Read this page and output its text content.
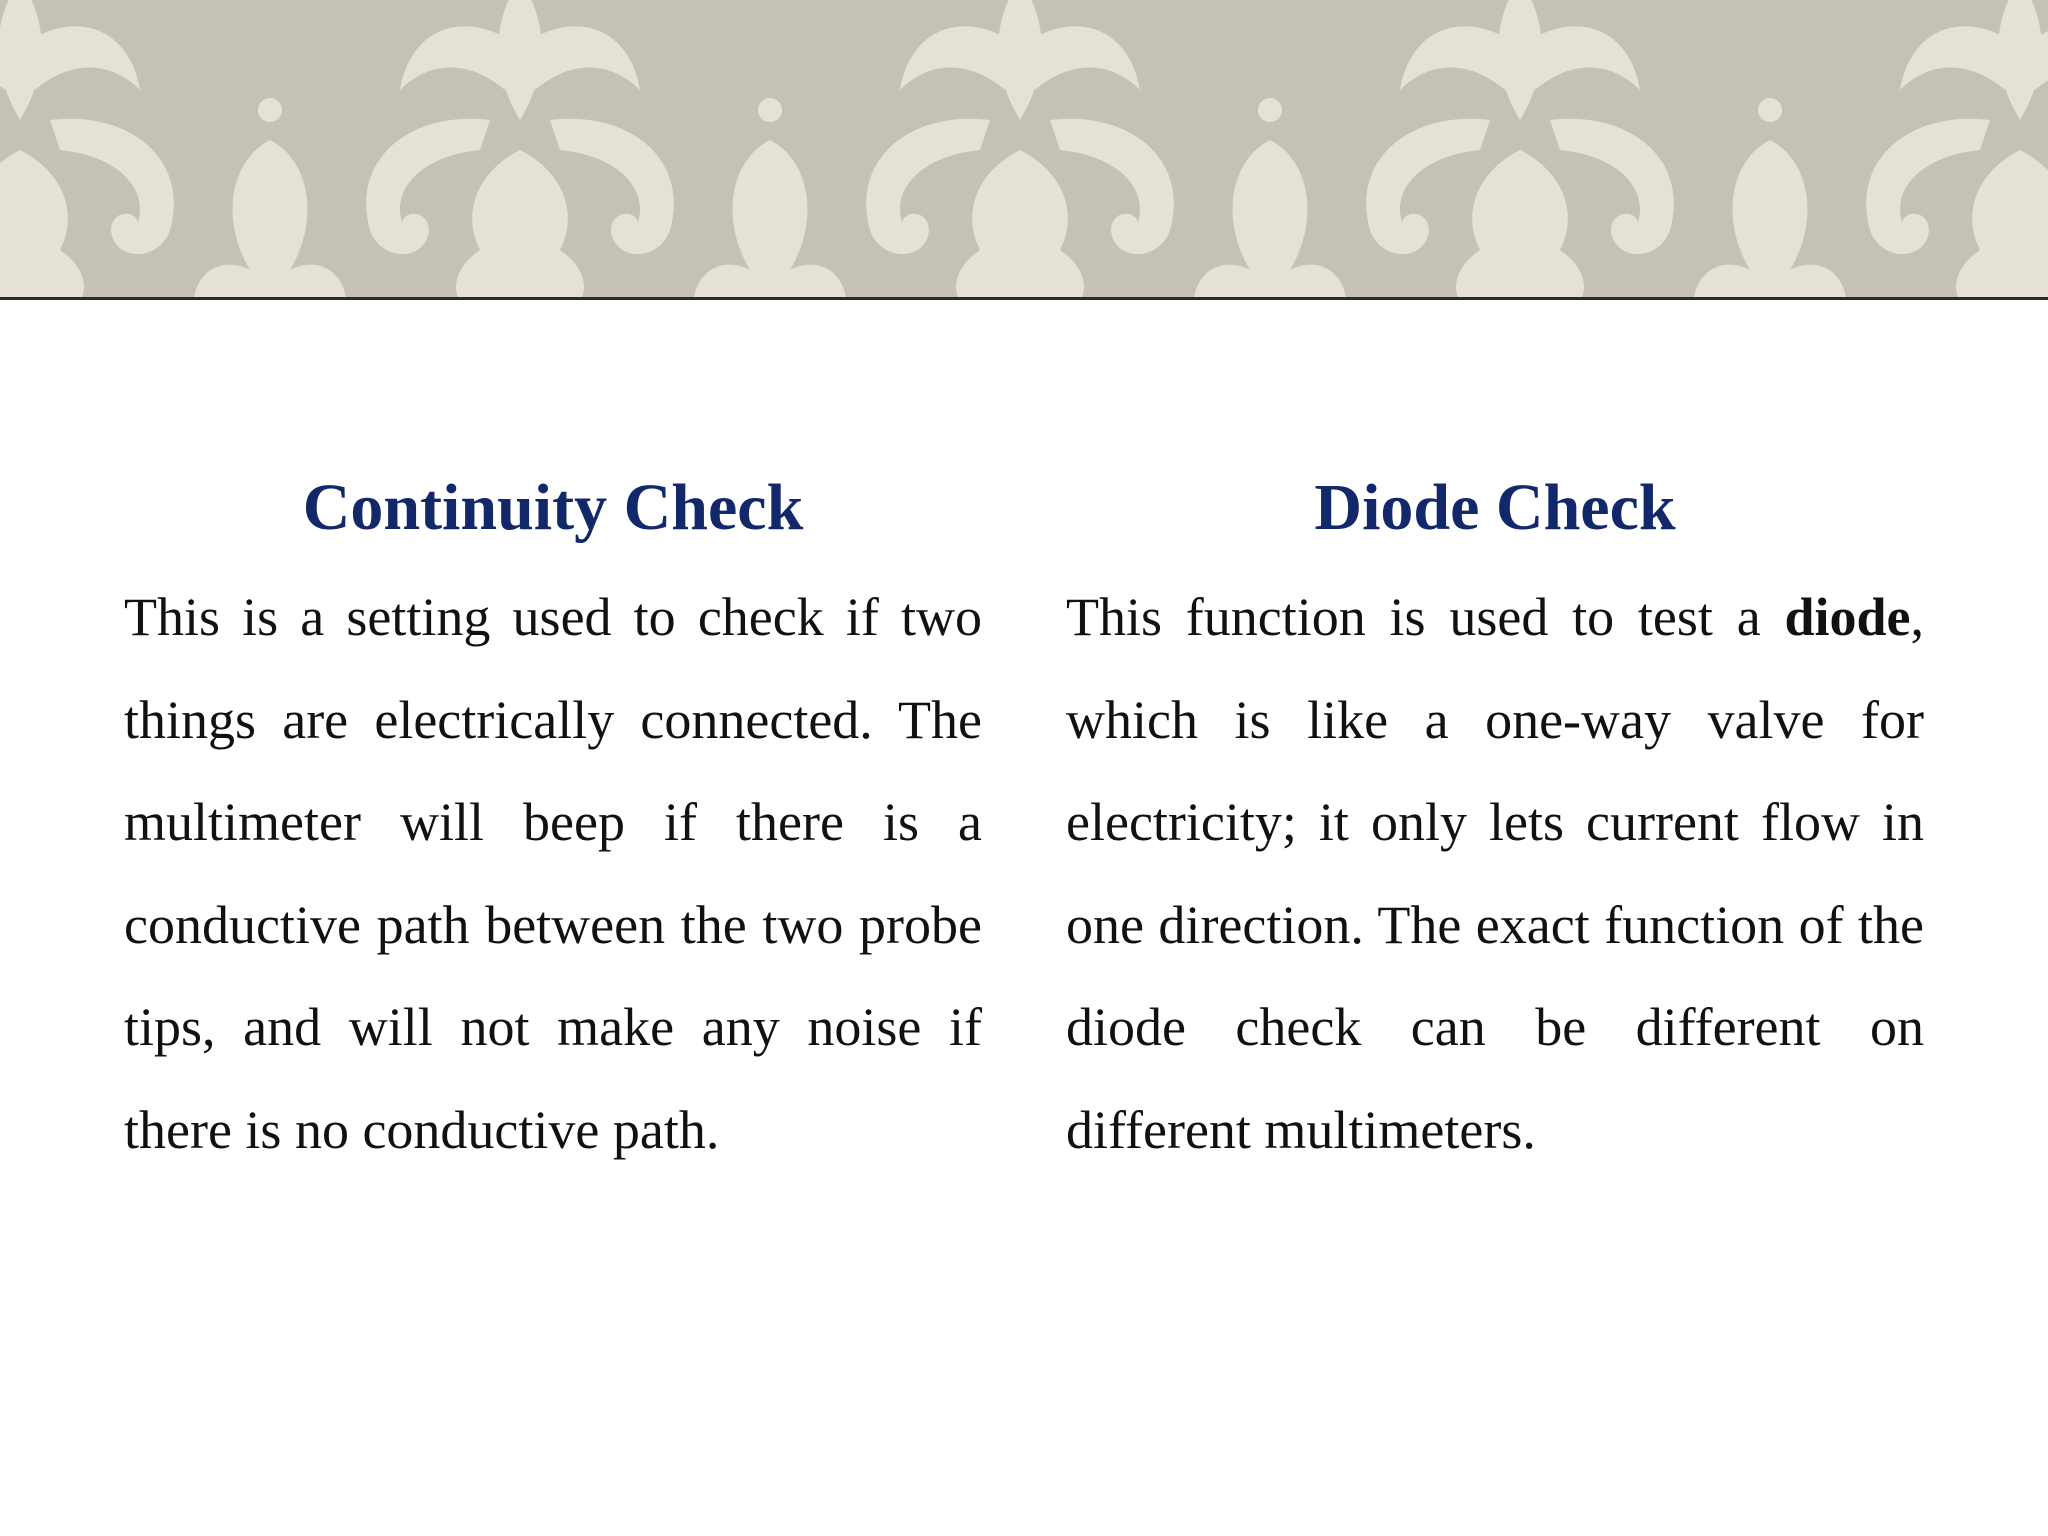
Continuity Check

This is a setting used to check if two things are electrically connected. The multimeter will beep if there is a conductive path between the two probe tips, and will not make any noise if there is no conductive path.

Diode Check

This function is used to test a diode, which is like a one-way valve for electricity; it only lets current flow in one direction. The exact function of the diode check can be different on different multimeters.
